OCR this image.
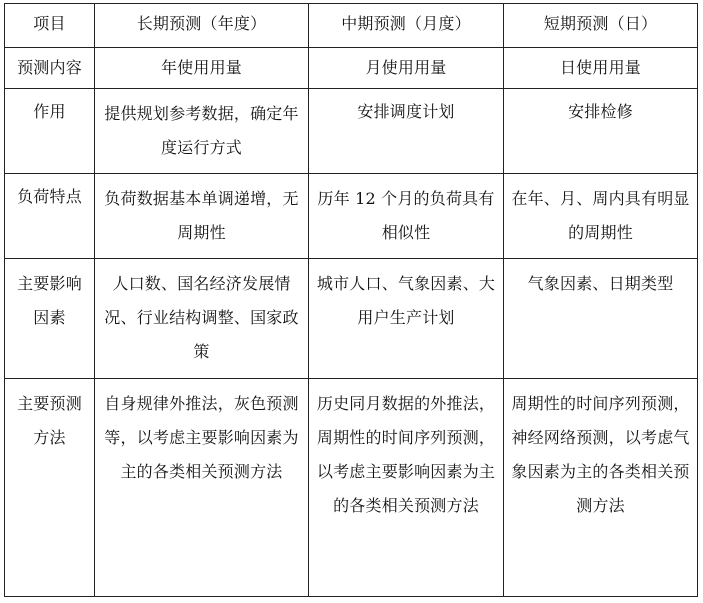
项目	长期预测（年度）	中期预测（月度）	短期预测（日）
预测内容	年使用用量	月使用用量	日使用用量
作用	提供规划参考数据，确定年度运行方式	安排调度计划	安排检修
负荷特点	负荷数据基本单调递增，无周期性	历年 12 个月的负荷具有相似性	在年、月、周内具有明显的周期性
主要影响因素	人口数、国名经济发展情况、行业结构调整、国家政策	城市人口、气象因素、大用户生产计划	气象因素、日期类型
主要预测方法	自身规律外推法，灰色预测等，以考虑主要影响因素为主的各类相关预测方法	历史同月数据的外推法，周期性的时间序列预测，以考虑主要影响因素为主的各类相关预测方法	周期性的时间序列预测，神经网络预测，以考虑气象因素为主的各类相关预测方法
